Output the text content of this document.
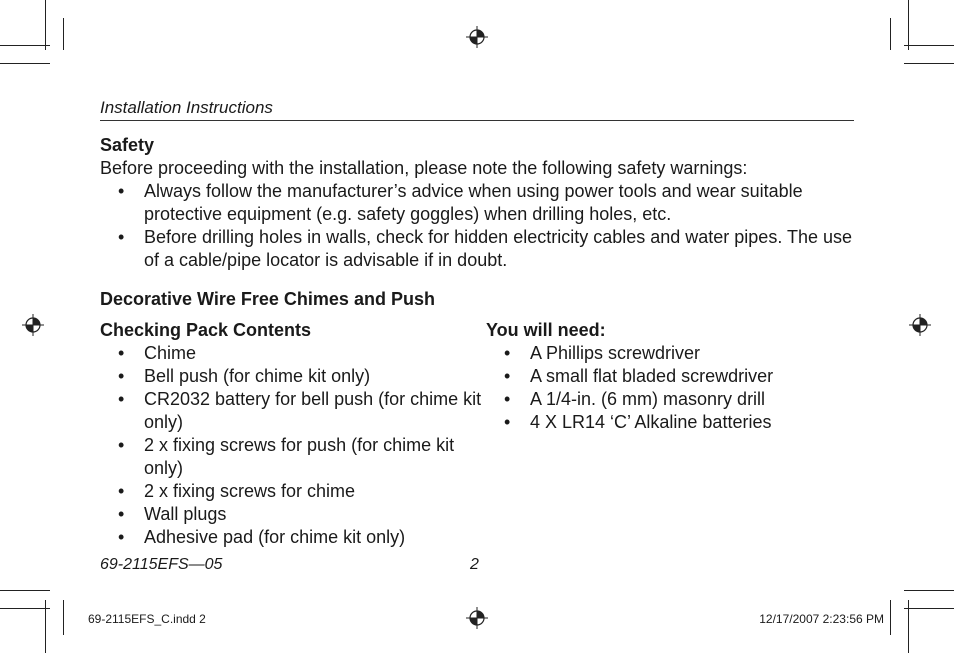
Installation Instructions
Safety
Before proceeding with the installation, please note the following safety warnings:
• Always follow the manufacturer’s advice when using power tools and wear suitable protective equipment (e.g. safety goggles) when drilling holes, etc.
• Before drilling holes in walls, check for hidden electricity cables and water pipes. The use of a cable/pipe locator is advisable if in doubt.
Decorative Wire Free Chimes and Push
Checking Pack Contents
• Chime
• Bell push (for chime kit only)
• CR2032 battery for bell push (for chime kit only)
• 2 x fixing screws for push (for chime kit only)
• 2 x fixing screws for chime
• Wall plugs
• Adhesive pad (for chime kit only)
You will need:
• A Phillips screwdriver
• A small flat bladed screwdriver
• A 1/4-in. (6 mm) masonry drill
• 4 X LR14 ‘C’ Alkaline batteries
69-2115EFS—05	2
69-2115EFS_C.indd 2	12/17/2007 2:23:56 PM
